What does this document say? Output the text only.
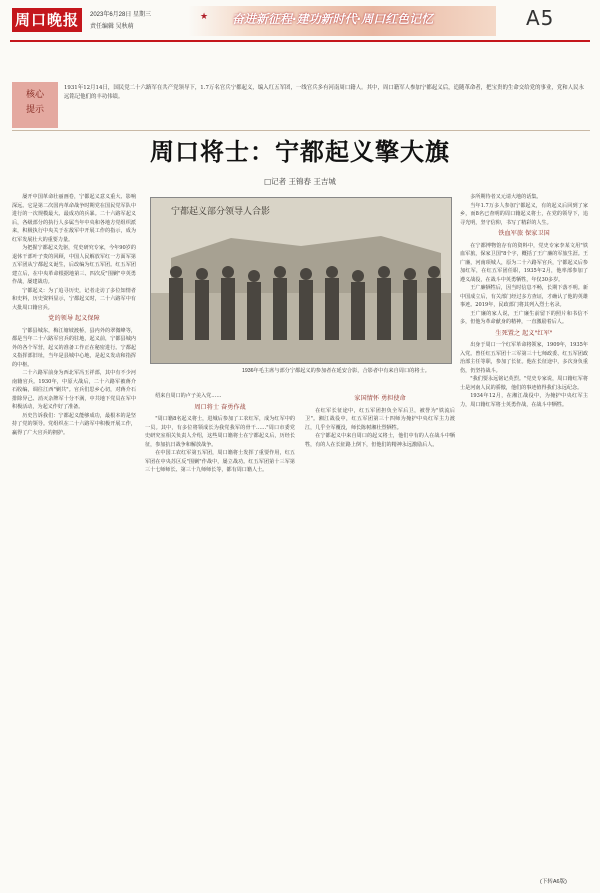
周口晚报	2023年6月28日 星期三
责任编辑 吴秋萌
★ 奋进新征程·建功新时代·周口红色记忆	A5
核心
提示
1931年12月14日，国民党二十六路军在共产党领导下，1.7万名官兵宁都起义，编入红五军团，一线官兵多有河南周口籍人。其中，周口籍军人参加宁都起义后，追随革命者，把宝贵的生命交给党的事业，党和人民永远铭记他们的丰功伟绩。
周口将士：宁都起义擎大旗
□记者 王锦春 王吉城

屡开中国革命壮丽画卷，宁都起义意义重大、影响深远。它是第二次国内革命战争时期党在国民党军队中进行的一次规模最大、最成功的兵暴。二十六路军起义后，各级部分的执行人多属当年中央和各地方党组织派来，积极执行中央关于在敌军中开展工作的指示，成为红军发展壮大的重要力量。

为把握宁都起义先驱，党史研究专家，今年90岁的退休干部叶子贵的回顾，中国人民解放军红一方面军第五军团从宁都起义诞生，后改编为红五军团。红五军团建立后，在中央革命根据地第三、四次反"围剿"中英勇作战，屡建战功。

宁都起义：为了追寻历史，记者走访了多位知情者和史料，历史资料显示，宁都起义时，二十六路军中有大批周口籍官兵。

党的领导 起义保障

宁都县城东，梅江塘坡渡桥，县内外的翠微峰等，都是当年二十六路军官兵的驻地，起义前，宁都县城内外的各个军营，起义的准备工作正在秘密进行。宁都起义指挥部旧址，当年是县城中心地，是起义发动和指挥的中枢。

二十六路军前身为西北军冯玉祥部，其中有不少河南籍官兵。1930年，中原大战后，二十六路军被蒋介石收编，调往江西"剿共"。官兵们思乡心切，对蒋介石排除异己、消灭杂牌军十分不满，中共地下党员在军中积极活动，为起义作好了准备。

历史告诉我们：宁都起义能够成功，最根本的是坚持了党的领导。党组织在二十六路军中积极开展工作，赢得了广大官兵的拥护。

宁都起义部分领导人合影
1936年毛主席与部分宁都起义的参加者在延安合影，合影者中有来自周口的将士。

绍来自周口的卢子美入党……

周口将士 奋勇作战

"周口籍8名起义将士，进城后参加了工农红军，成为红军中的一员。其中，有多位将领成长为我党我军的骨干……"周口市委党史研究室相关负责人介绍，这些周口籍将士在宁都起义后，历经长征，参加抗日战争和解放战争。

在中国工农红军第五军团，周口籍将士发挥了重要作用，红五军团在中央苏区反"围剿"作战中，屡立战功。红五军团第十三军第三十七师师长、第三十九师师长等，都有周口籍人士。

家国情怀 勇担使命

在红军长征途中，红五军团担负全军后卫，被誉为"铁流后卫"。湘江战役中，红五军团第三十四师为掩护中央红军主力渡江，几乎全军覆没，师长陈树湘壮烈牺牲。

在宁都起义中来自周口的起义将士，他们中有的人在战斗中牺牲，有的人在长征路上倒下，但他们的精神永远激励后人。

多所期待者又元请大地的话集。

当年1.7万多人参加宁都起义，有的起义后回到了家乡，而8名已查明的周口籍起义将士，在党的领导下，追寻光明，坚守信仰，书写了精彩的人生。

铁血军旅 保家卫国

在宁都博物馆存有的资料中，党史专家李某文用"铁血军旅，保家卫国"8个字，概括了王广廉的军旅生涯。王广廉，河南项城人，原为二十六路军官兵，宁都起义后参加红军，在红五军团任职，1935年2月，他率部参加了遵义战役，在战斗中英勇牺牲，年仅30多岁。

王广廉牺牲后，因当时信息不畅，长期下落不明。新中国成立后，有关部门经过多方查证，才确认了他的英雄事迹。2019年，民政部门将其列入烈士名录。

王广廉的家人说，王广廉生前留下的照片和书信不多，但他为革命献身的精神，一直激励着后人。

生死置之 起义"红军"

出身于周口一个红军革命将领家，1909年，1935年入党。曾任红五军团十三军第三十七师政委、红五军团政治部主任等职，参加了长征。他在长征途中，多次身负重伤，仍坚持战斗。

"我们要永远铭记英烈。"党史专家说，周口籍红军将士是河南人民的骄傲，他们的事迹值得我们永远纪念。

1934年12月，在湘江战役中，为掩护中央红军主力，周口籍红军将士英勇作战，在战斗中牺牲。

(下转A6版)
